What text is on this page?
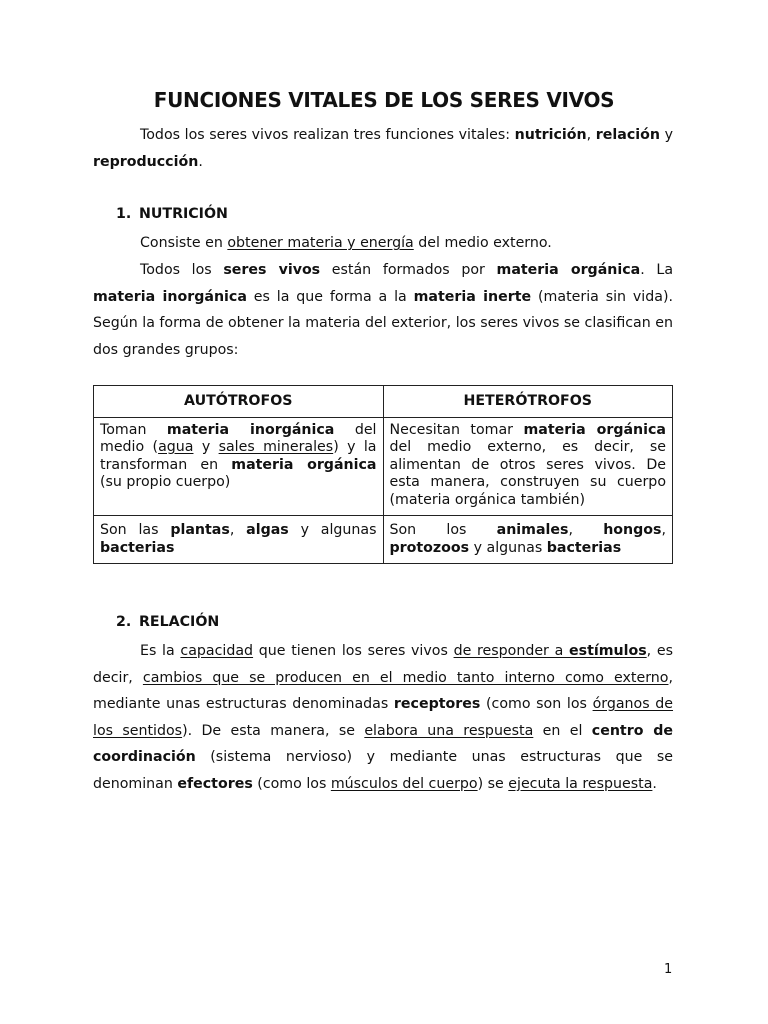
FUNCIONES VITALES DE LOS SERES VIVOS

Todos los seres vivos realizan tres funciones vitales: nutrición, relación y reproducción.

1. NUTRICIÓN

Consiste en obtener materia y energía del medio externo.

Todos los seres vivos están formados por materia orgánica. La materia inorgánica es la que forma a la materia inerte (materia sin vida). Según la forma de obtener la materia del exterior, los seres vivos se clasifican en dos grandes grupos:

AUTÓTROFOS	HETERÓTROFOS
Toman materia inorgánica del medio (agua y sales minerales) y la transforman en materia orgánica (su propio cuerpo)	Necesitan tomar materia orgánica del medio externo, es decir, se alimentan de otros seres vivos. De esta manera, construyen su cuerpo (materia orgánica también)
Son las plantas, algas y algunas bacterias	Son los animales, hongos, protozoos y algunas bacterias
2. RELACIÓN

Es la capacidad que tienen los seres vivos de responder a estímulos, es decir, cambios que se producen en el medio tanto interno como externo, mediante unas estructuras denominadas receptores (como son los órganos de los sentidos). De esta manera, se elabora una respuesta en el centro de coordinación (sistema nervioso) y mediante unas estructuras que se denominan efectores (como los músculos del cuerpo) se ejecuta la respuesta.

1
